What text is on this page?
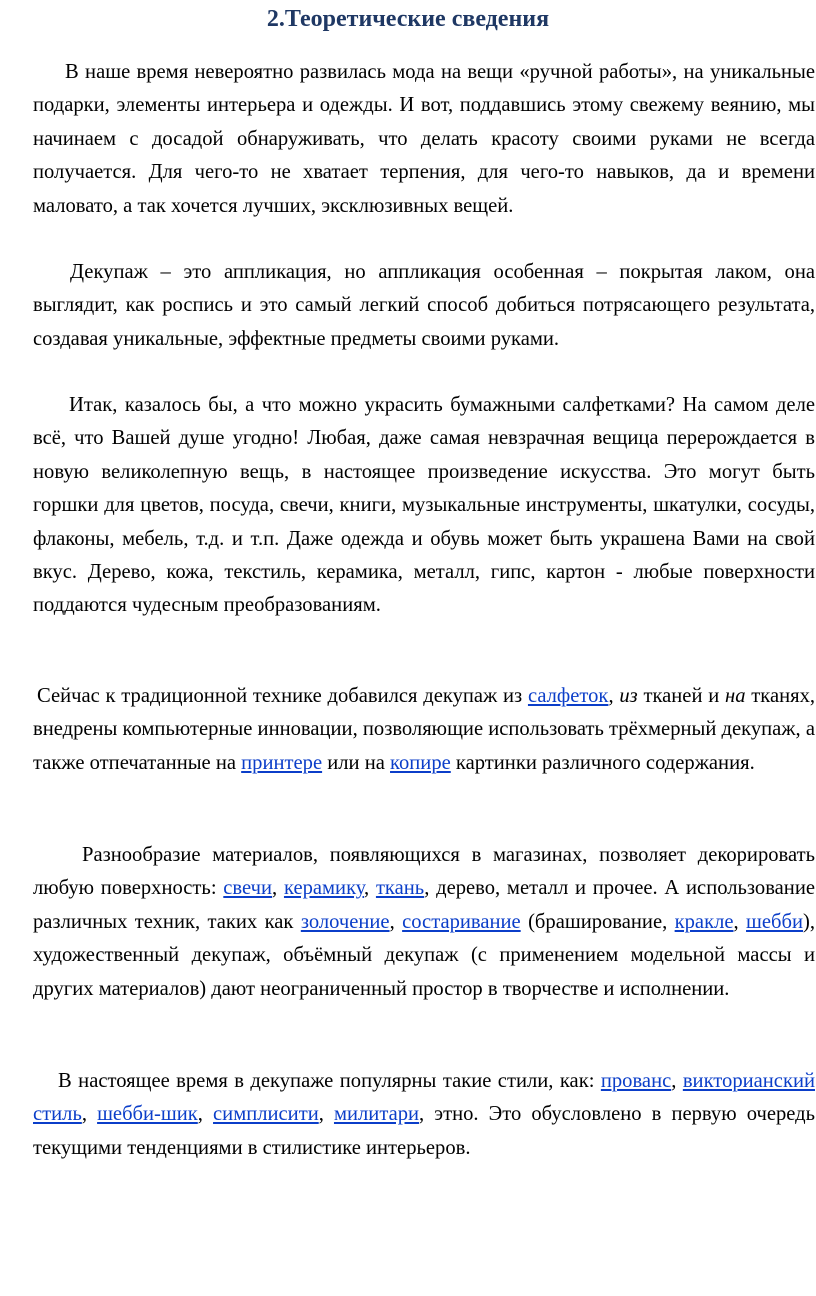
2.Теоретические сведения

В наше время невероятно развилась мода на вещи «ручной работы», на уникальные подарки, элементы интерьера и одежды. И вот, поддавшись этому свежему веянию, мы начинаем с досадой обнаруживать, что делать красоту своими руками не всегда получается. Для чего-то не хватает терпения, для чего-то навыков, да и времени маловато, а так хочется лучших, эксклюзивных вещей.

Декупаж – это аппликация, но аппликация особенная – покрытая лаком, она выглядит, как роспись и это самый легкий способ добиться потрясающего результата, создавая уникальные, эффектные предметы своими руками.

Итак, казалось бы, а что можно украсить бумажными салфетками? На самом деле всё, что Вашей душе угодно! Любая, даже самая невзрачная вещица перерождается в новую великолепную вещь, в настоящее произведение искусства. Это могут быть горшки для цветов, посуда, свечи, книги, музыкальные инструменты, шкатулки, сосуды, флаконы, мебель, т.д. и т.п. Даже одежда и обувь может быть украшена Вами на свой вкус. Дерево, кожа, текстиль, керамика, металл, гипс, картон - любые поверхности поддаются чудесным преобразованиям.

Сейчас к традиционной технике добавился декупаж из салфеток, из тканей и на тканях, внедрены компьютерные инновации, позволяющие использовать трёхмерный декупаж, а также отпечатанные на принтере или на копире картинки различного содержания.

Разнообразие материалов, появляющихся в магазинах, позволяет декорировать любую поверхность: свечи, керамику, ткань, дерево, металл и прочее. А использование различных техник, таких как золочение, состаривание (браширование, кракле, шебби), художественный декупаж, объёмный декупаж (с применением модельной массы и других материалов) дают неограниченный простор в творчестве и исполнении.

В настоящее время в декупаже популярны такие стили, как: прованс, викторианский стиль, шебби-шик, симплисити, милитари, этно. Это обусловлено в первую очередь текущими тенденциями в стилистике интерьеров.
